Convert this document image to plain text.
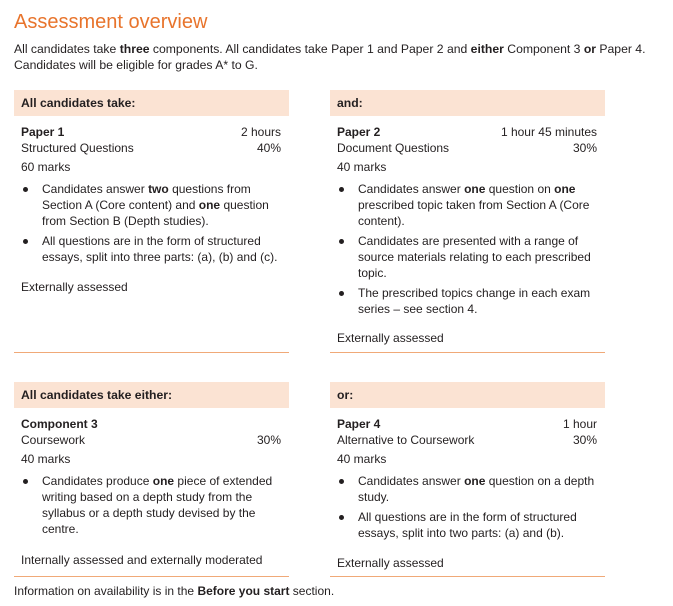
Assessment overview
All candidates take three components. All candidates take Paper 1 and Paper 2 and either Component 3 or Paper 4. Candidates will be eligible for grades A* to G.
All candidates take:
Paper 1	2 hours
Structured Questions	40%
60 marks
Candidates answer two questions from Section A (Core content) and one question from Section B (Depth studies).
All questions are in the form of structured essays, split into three parts: (a), (b) and (c).
Externally assessed
and:
Paper 2	1 hour 45 minutes
Document Questions	30%
40 marks
Candidates answer one question on one prescribed topic taken from Section A (Core content).
Candidates are presented with a range of source materials relating to each prescribed topic.
The prescribed topics change in each exam series – see section 4.
Externally assessed
All candidates take either:
Component 3
Coursework	30%
40 marks
Candidates produce one piece of extended writing based on a depth study from the syllabus or a depth study devised by the centre.
Internally assessed and externally moderated
or:
Paper 4	1 hour
Alternative to Coursework	30%
40 marks
Candidates answer one question on a depth study.
All questions are in the form of structured essays, split into two parts: (a) and (b).
Externally assessed
Information on availability is in the Before you start section.
